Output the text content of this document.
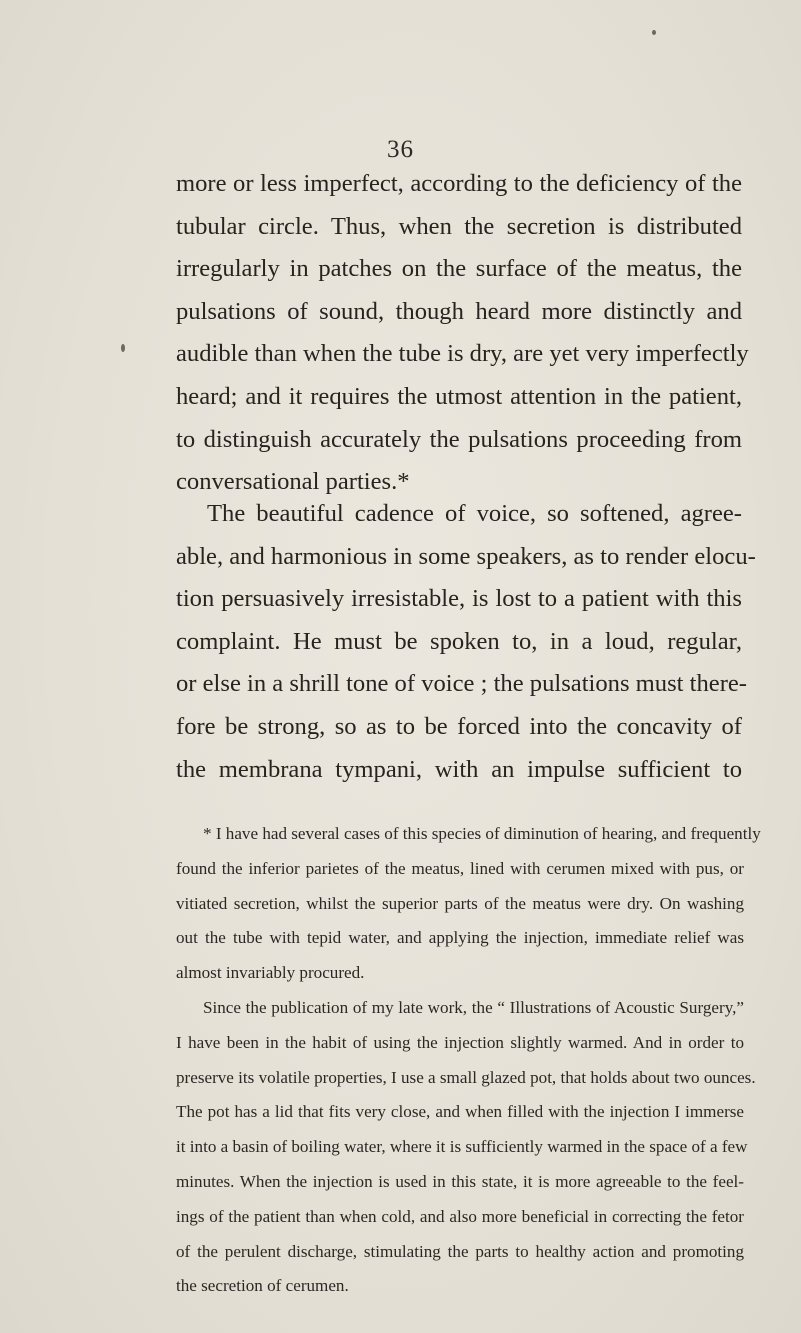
36
more or less imperfect, according to the deficiency of the
tubular circle. Thus, when the secretion is distributed
irregularly in patches on the surface of the meatus, the
pulsations of sound, though heard more distinctly and
audible than when the tube is dry, are yet very imperfectly
heard; and it requires the utmost attention in the patient,
to distinguish accurately the pulsations proceeding from
conversational parties.*
The beautiful cadence of voice, so softened, agree-
able, and harmonious in some speakers, as to render elocu-
tion persuasively irresistable, is lost to a patient with this
complaint. He must be spoken to, in a loud, regular,
or else in a shrill tone of voice ; the pulsations must there-
fore be strong, so as to be forced into the concavity of
the membrana tympani, with an impulse sufficient to
* I have had several cases of this species of diminution of hearing, and frequently
found the inferior parietes of the meatus, lined with cerumen mixed with pus, or
vitiated secretion, whilst the superior parts of the meatus were dry. On washing
out the tube with tepid water, and applying the injection, immediate relief was
almost invariably procured.
Since the publication of my late work, the “ Illustrations of Acoustic Surgery,”
I have been in the habit of using the injection slightly warmed. And in order to
preserve its volatile properties, I use a small glazed pot, that holds about two ounces.
The pot has a lid that fits very close, and when filled with the injection I immerse
it into a basin of boiling water, where it is sufficiently warmed in the space of a few
minutes. When the injection is used in this state, it is more agreeable to the feel-
ings of the patient than when cold, and also more beneficial in correcting the fetor
of the perulent discharge, stimulating the parts to healthy action and promoting
the secretion of cerumen.
